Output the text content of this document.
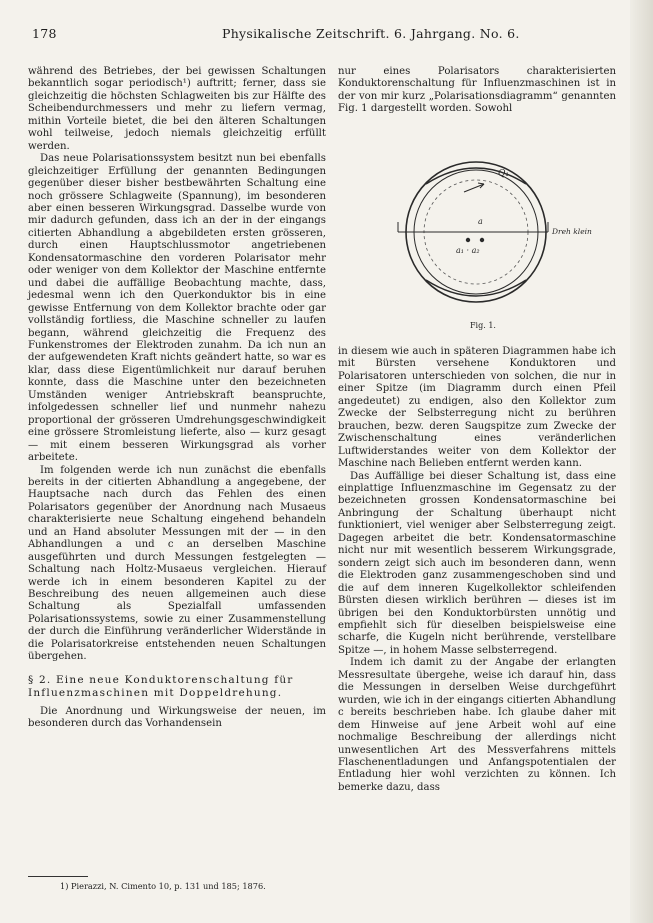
178	Physikalische Zeitschrift. 6. Jahrgang. No. 6.

während des Betriebes, der bei gewissen Schaltungen bekanntlich sogar periodisch¹) auftritt; ferner, dass sie gleichzeitig die höchsten Schlagweiten bis zur Hälfte des Scheibendurchmessers und mehr zu liefern vermag, mithin Vorteile bietet, die bei den älteren Schaltungen wohl teilweise, jedoch niemals gleichzeitig erfüllt werden.

Das neue Polarisationssystem besitzt nun bei ebenfalls gleichzeitiger Erfüllung der genannten Bedingungen gegenüber dieser bisher bestbewährten Schaltung eine noch grössere Schlagweite (Spannung), im besonderen aber einen besseren Wirkungsgrad. Dasselbe wurde von mir dadurch gefunden, dass ich an der in der eingangs citierten Abhandlung a abgebildeten ersten grösseren, durch einen Hauptschlussmotor angetriebenen Kondensatormaschine den vorderen Polarisator mehr oder weniger von dem Kollektor der Maschine entfernte und dabei die auffällige Beobachtung machte, dass, jedesmal wenn ich den Querkonduktor bis in eine gewisse Entfernung von dem Kollektor brachte oder gar vollständig fortliess, die Maschine schneller zu laufen begann, während gleichzeitig die Frequenz des Funkenstromes der Elektroden zunahm. Da ich nun an der aufgewendeten Kraft nichts geändert hatte, so war es klar, dass diese Eigentümlichkeit nur darauf beruhen konnte, dass die Maschine unter den bezeichneten Umständen weniger Antriebskraft beanspruchte, infolgedessen schneller lief und nunmehr nahezu proportional der grösseren Umdrehungsgeschwindigkeit eine grössere Stromleistung lieferte, also — kurz gesagt — mit einem besseren Wirkungsgrad als vorher arbeitete.

Im folgenden werde ich nun zunächst die ebenfalls bereits in der citierten Abhandlung a angegebene, der Hauptsache nach durch das Fehlen des einen Polarisators gegenüber der Anordnung nach Musaeus charakterisierte neue Schaltung eingehend behandeln und an Hand absoluter Messungen mit der — in den Abhandlungen a und c an derselben Maschine ausgeführten und durch Messungen festgelegten — Schaltung nach Holtz-Musaeus vergleichen. Hierauf werde ich in einem besonderen Kapitel zu der Beschreibung des neuen allgemeinen auch diese Schaltung als Spezialfall umfassenden Polarisationssystems, sowie zu einer Zusammenstellung der durch die Einführung veränderlicher Widerstände in die Polarisatorkreise entstehenden neuen Schaltungen übergehen.

§ 2. Eine neue Konduktorenschaltung für Influenzmaschinen mit Doppeldrehung.

Die Anordnung und Wirkungsweise der neuen, im besonderen durch das Vorhandensein

1) Pierazzi, N. Cimento 10, p. 131 und 185; 1876.

nur eines Polarisators charakterisierten Konduktorenschaltung für Influenzmaschinen ist in der von mir kurz „Polarisationsdiagramm“ genannten Fig. 1 dargestellt worden. Sowohl

Q₁
a
a₁ · a₂
Dreh klein
Fig. 1.

in diesem wie auch in späteren Diagrammen habe ich mit Bürsten versehene Konduktoren und Polarisatoren unterschieden von solchen, die nur in einer Spitze (im Diagramm durch einen Pfeil angedeutet) zu endigen, also den Kollektor zum Zwecke der Selbsterregung nicht zu berühren brauchen, bezw. deren Saugspitze zum Zwecke der Zwischenschaltung eines veränderlichen Luftwiderstandes weiter von dem Kollektor der Maschine nach Belieben entfernt werden kann.

Das Auffällige bei dieser Schaltung ist, dass eine einplattige Influenzmaschine im Gegensatz zu der bezeichneten grossen Kondensatormaschine bei Anbringung der Schaltung überhaupt nicht funktioniert, viel weniger aber Selbsterregung zeigt. Dagegen arbeitet die betr. Kondensatormaschine nicht nur mit wesentlich besserem Wirkungsgrade, sondern zeigt sich auch im besonderen dann, wenn die Elektroden ganz zusammengeschoben sind und die auf dem inneren Kugelkollektor schleifenden Bürsten diesen wirklich berühren — dieses ist im übrigen bei den Konduktorbürsten unnötig und empfiehlt sich für dieselben beispielsweise eine scharfe, die Kugeln nicht berührende, verstellbare Spitze —, in hohem Masse selbsterregend.

Indem ich damit zu der Angabe der erlangten Messresultate übergehe, weise ich darauf hin, dass die Messungen in derselben Weise durchgeführt wurden, wie ich in der eingangs citierten Abhandlung c bereits beschrieben habe. Ich glaube daher mit dem Hinweise auf jene Arbeit wohl auf eine nochmalige Beschreibung der allerdings nicht unwesentlichen Art des Messverfahrens mittels Flaschenentladungen und Anfangspotentialen der Entladung hier wohl verzichten zu können. Ich bemerke dazu, dass
